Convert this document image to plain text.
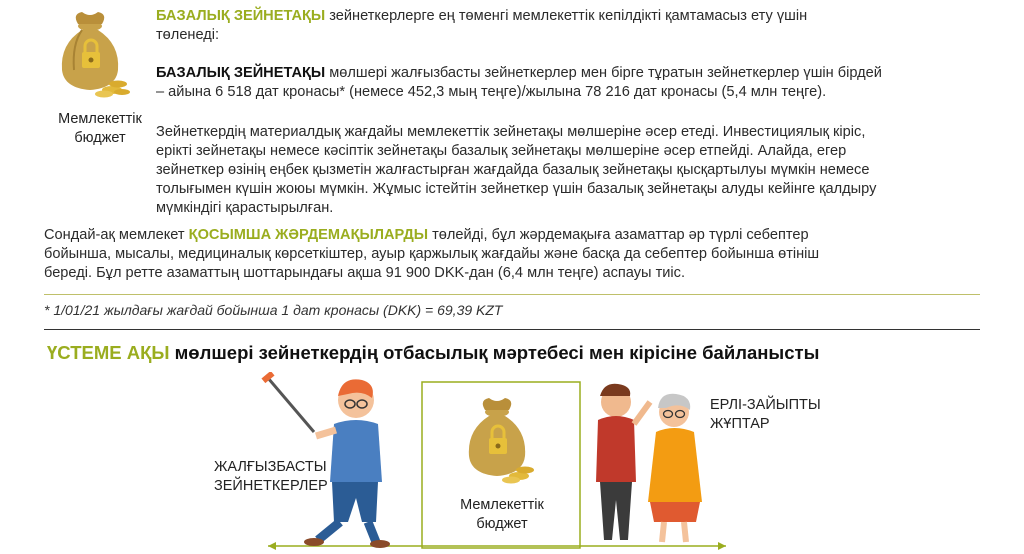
Мемлекеттік
бюджет
БАЗАЛЫҚ ЗЕЙНЕТАҚЫ зейнеткерлерге ең төменгі мемлекеттік кепілдікті қамтамасыз ету үшін
төленеді:
БАЗАЛЫҚ ЗЕЙНЕТАҚЫ мөлшері жалғызбасты зейнеткерлер мен бірге тұратын зейнеткерлер үшін бірдей
– айына 6 518 дат кронасы* (немесе 452,3 мың теңге)/жылына 78 216 дат кронасы (5,4 млн теңге).
Зейнеткердің материалдық жағдайы мемлекеттік зейнетақы мөлшеріне әсер етеді. Инвестициялық кіріс,
ерікті зейнетақы немесе кәсіптік зейнетақы базалық зейнетақы мөлшеріне әсер етпейді. Алайда, егер
зейнеткер өзінің еңбек қызметін жалғастырған жағдайда базалық зейнетақы қысқартылуы мүмкін немесе
толығымен күшін жоюы мүмкін. Жұмыс істейтін зейнеткер үшін базалық зейнетақы алуды кейінге қалдыру
мүмкіндігі қарастырылған.
Сондай-ақ мемлекет ҚОСЫМША ЖӘРДЕМАҚЫЛАРДЫ төлейді, бұл жәрдемақыға азаматтар әр түрлі себептер
бойынша, мысалы, медициналық көрсеткіштер, ауыр қаржылық жағдайы және басқа да себептер бойынша өтініш
береді. Бұл ретте азаматтың шоттарындағы ақша 91 900 DKK-дан (6,4 млн теңге) аспауы тиіс.
* 1/01/21 жылдағы жағдай бойынша 1 дат кронасы (DKK) = 69,39 KZT
ҮСТЕМЕ АҚЫ мөлшері зейнеткердің отбасылық мәртебесі мен кірісіне байланысты
ЖАЛҒЫЗБАСТЫ
ЗЕЙНЕТКЕРЛЕР
Мемлекеттік
бюджет
ЕРЛІ-ЗАЙЫПТЫ
ЖҰПТАР
